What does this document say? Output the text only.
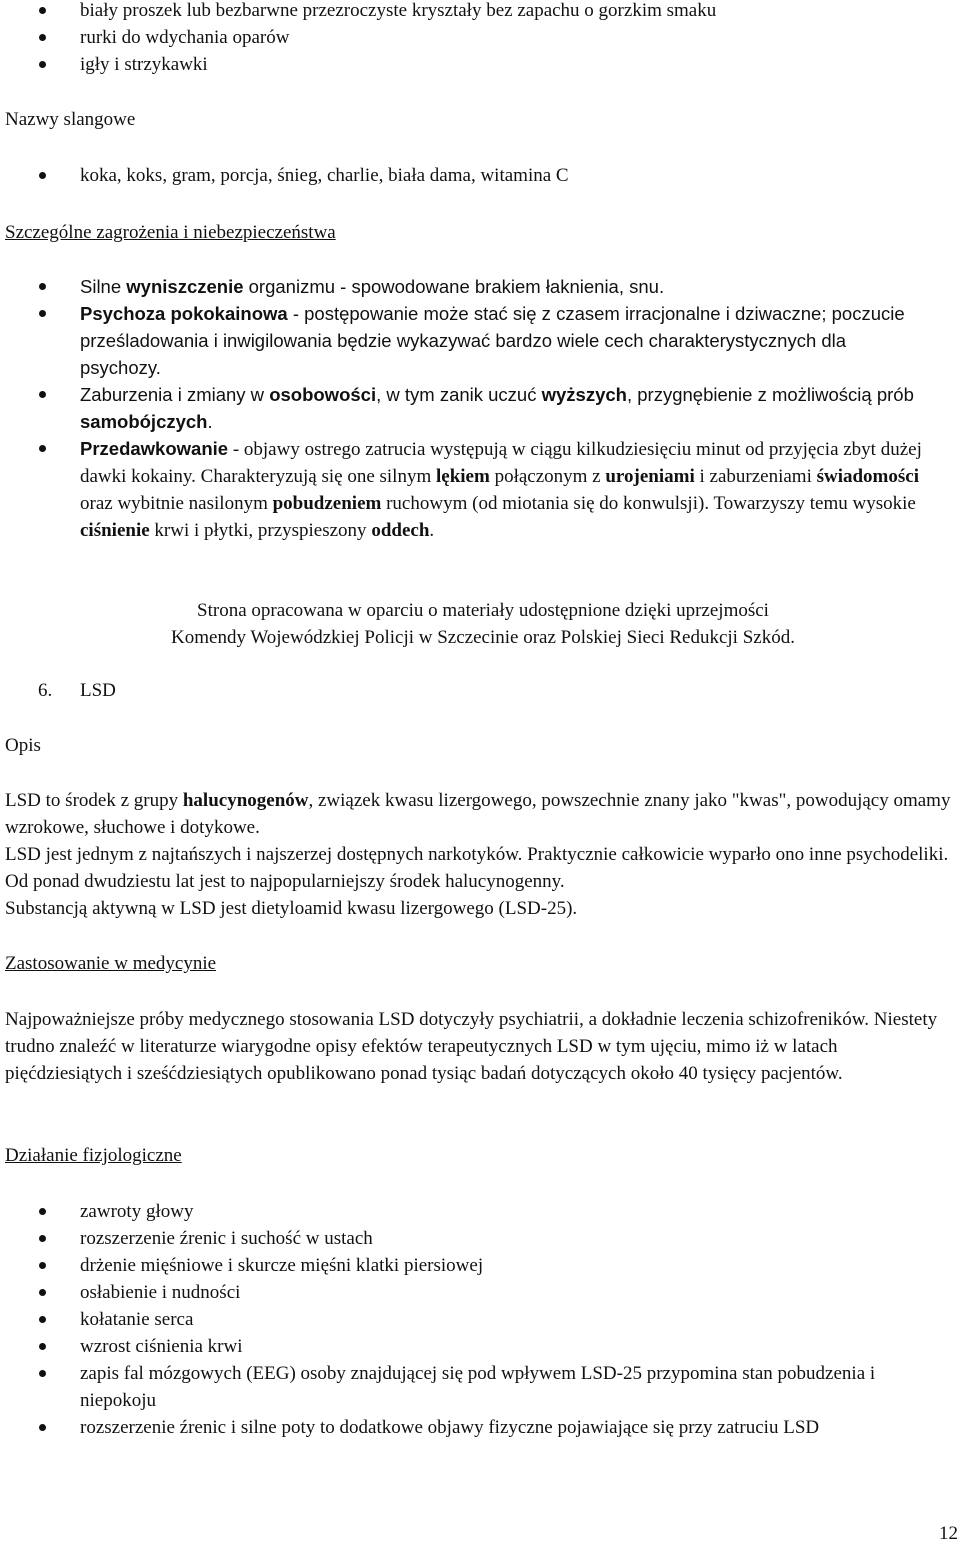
biały proszek lub bezbarwne przezroczyste kryształy bez zapachu o gorzkim smaku
rurki do wdychania oparów
igły i strzykawki
Nazwy slangowe
koka, koks, gram, porcja, śnieg, charlie, biała dama, witamina C
Szczególne zagrożenia i niebezpieczeństwa
Silne wyniszczenie organizmu - spowodowane brakiem łaknienia, snu.
Psychoza pokokainowa - postępowanie może stać się z czasem irracjonalne i dziwaczne; poczucie prześladowania i inwigilowania będzie wykazywać bardzo wiele cech charakterystycznych dla psychozy.
Zaburzenia i zmiany w osobowości, w tym zanik uczuć wyższych, przygnębienie z możliwością prób samobójczych.
Przedawkowanie - objawy ostrego zatrucia występują w ciągu kilkudziesięciu minut od przyjęcia zbyt dużej dawki kokainy. Charakteryzują się one silnym lękiem połączonym z urojeniami i zaburzeniami świadomości oraz wybitnie nasilonym pobudzeniem ruchowym (od miotania się do konwulsji). Towarzyszy temu wysokie ciśnienie krwi i płytki, przyspieszony oddech.
Strona opracowana w oparciu o materiały udostępnione dzięki uprzejmości
Komendy Wojewódzkiej Policji w Szczecinie oraz Polskiej Sieci Redukcji Szkód.
6. LSD
Opis
LSD to środek z grupy halucynogenów, związek kwasu lizergowego, powszechnie znany jako "kwas", powodujący omamy wzrokowe, słuchowe i dotykowe.
LSD jest jednym z najtańszych i najszerzej dostępnych narkotyków. Praktycznie całkowicie wyparło ono inne psychodeliki. Od ponad dwudziestu lat jest to najpopularniejszy środek halucynogenny.
Substancją aktywną w LSD jest dietyloamid kwasu lizergowego (LSD-25).
Zastosowanie w medycynie
Najpoważniejsze próby medycznego stosowania LSD dotyczyły psychiatrii, a dokładnie leczenia schizofreników. Niestety trudno znaleźć w literaturze wiarygodne opisy efektów terapeutycznych LSD w tym ujęciu, mimo iż w latach pięćdziesiątych i sześćdziesiątych opublikowano ponad tysiąc badań dotyczących około 40 tysięcy pacjentów.
Działanie fizjologiczne
zawroty głowy
rozszerzenie źrenic i suchość w ustach
drżenie mięśniowe i skurcze mięśni klatki piersiowej
osłabienie i nudności
kołatanie serca
wzrost ciśnienia krwi
zapis fal mózgowych (EEG) osoby znajdującej się pod wpływem LSD-25 przypomina stan pobudzenia i niepokoju
rozszerzenie źrenic i silne poty to dodatkowe objawy fizyczne pojawiające się przy zatruciu LSD
12
